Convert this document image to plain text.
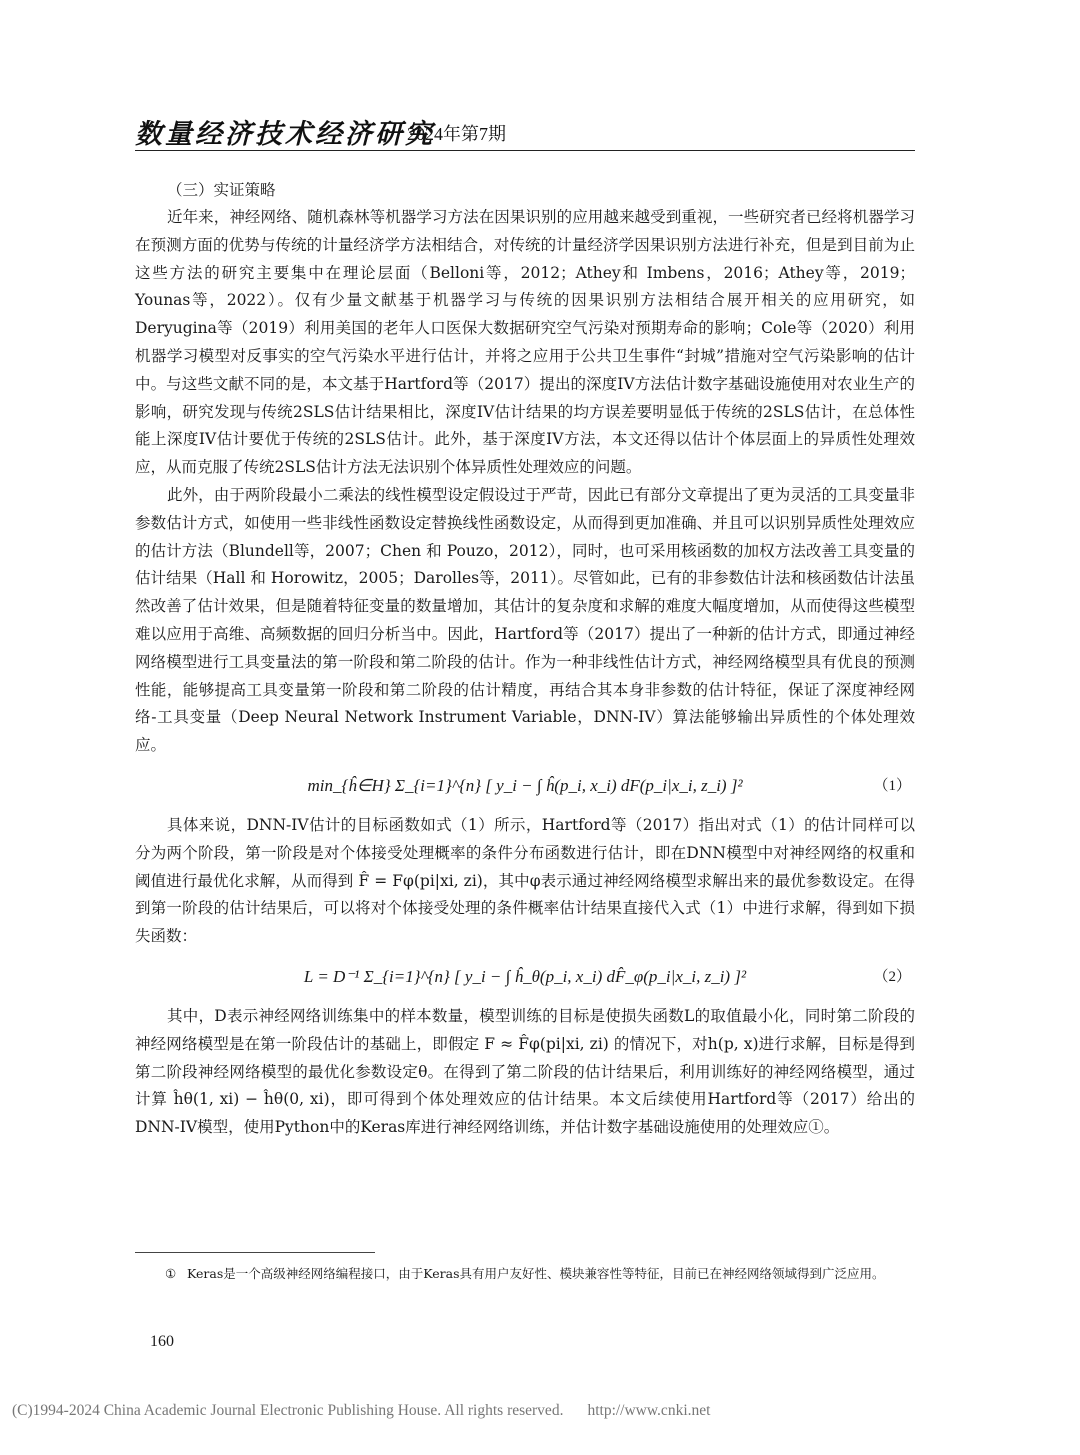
数量经济技术经济研究
2024年第7期
（三）实证策略

近年来，神经网络、随机森林等机器学习方法在因果识别的应用越来越受到重视，一些研究者已经将机器学习在预测方面的优势与传统的计量经济学方法相结合，对传统的计量经济学因果识别方法进行补充，但是到目前为止这些方法的研究主要集中在理论层面（Belloni等，2012；Athey和 Imbens，2016；Athey等，2019；Younas等，2022）。仅有少量文献基于机器学习与传统的因果识别方法相结合展开相关的应用研究，如Deryugina等（2019）利用美国的老年人口医保大数据研究空气污染对预期寿命的影响；Cole等（2020）利用机器学习模型对反事实的空气污染水平进行估计，并将之应用于公共卫生事件“封城”措施对空气污染影响的估计中。与这些文献不同的是，本文基于Hartford等（2017）提出的深度IV方法估计数字基础设施使用对农业生产的影响，研究发现与传统2SLS估计结果相比，深度IV估计结果的均方误差要明显低于传统的2SLS估计，在总体性能上深度IV估计要优于传统的2SLS估计。此外，基于深度IV方法，本文还得以估计个体层面上的异质性处理效应，从而克服了传统2SLS估计方法无法识别个体异质性处理效应的问题。

此外，由于两阶段最小二乘法的线性模型设定假设过于严苛，因此已有部分文章提出了更为灵活的工具变量非参数估计方式，如使用一些非线性函数设定替换线性函数设定，从而得到更加准确、并且可以识别异质性处理效应的估计方法（Blundell等，2007；Chen 和 Pouzo，2012），同时，也可采用核函数的加权方法改善工具变量的估计结果（Hall 和 Horowitz，2005；Darolles等，2011）。尽管如此，已有的非参数估计法和核函数估计法虽然改善了估计效果，但是随着特征变量的数量增加，其估计的复杂度和求解的难度大幅度增加，从而使得这些模型难以应用于高维、高频数据的回归分析当中。因此，Hartford等（2017）提出了一种新的估计方式，即通过神经网络模型进行工具变量法的第一阶段和第二阶段的估计。作为一种非线性估计方式，神经网络模型具有优良的预测性能，能够提高工具变量第一阶段和第二阶段的估计精度，再结合其本身非参数的估计特征，保证了深度神经网络-工具变量（Deep Neural Network Instrument Variable，DNN-IV）算法能够输出异质性的个体处理效应。

min_{ĥ∈H} Σ_{i=1}^{n} [ y_i − ∫ ĥ(p_i, x_i) dF(p_i|x_i, z_i) ]²	（1）

具体来说，DNN-IV估计的目标函数如式（1）所示，Hartford等（2017）指出对式（1）的估计同样可以分为两个阶段，第一阶段是对个体接受处理概率的条件分布函数进行估计，即在DNN模型中对神经网络的权重和阈值进行最优化求解，从而得到 F̂ = Fφ(pi|xi, zi)，其中φ表示通过神经网络模型求解出来的最优参数设定。在得到第一阶段的估计结果后，可以将对个体接受处理的条件概率估计结果直接代入式（1）中进行求解，得到如下损失函数：

L = D⁻¹ Σ_{i=1}^{n} [ y_i − ∫ ĥ_θ(p_i, x_i) dF̂_φ(p_i|x_i, z_i) ]²	（2）

其中，D表示神经网络训练集中的样本数量，模型训练的目标是使损失函数L的取值最小化，同时第二阶段的神经网络模型是在第一阶段估计的基础上，即假定 F ≈ F̂φ(pi|xi, zi) 的情况下，对h(p, x)进行求解，目标是得到第二阶段神经网络模型的最优化参数设定θ。在得到了第二阶段的估计结果后，利用训练好的神经网络模型，通过计算 ĥθ(1, xi) − ĥθ(0, xi)，即可得到个体处理效应的估计结果。本文后续使用Hartford等（2017）给出的DNN-IV模型，使用Python中的Keras库进行神经网络训练，并估计数字基础设施使用的处理效应①。

① Keras是一个高级神经网络编程接口，由于Keras具有用户友好性、模块兼容性等特征，目前已在神经网络领域得到广泛应用。
160
(C)1994-2024 China Academic Journal Electronic Publishing House. All rights reserved. http://www.cnki.net
